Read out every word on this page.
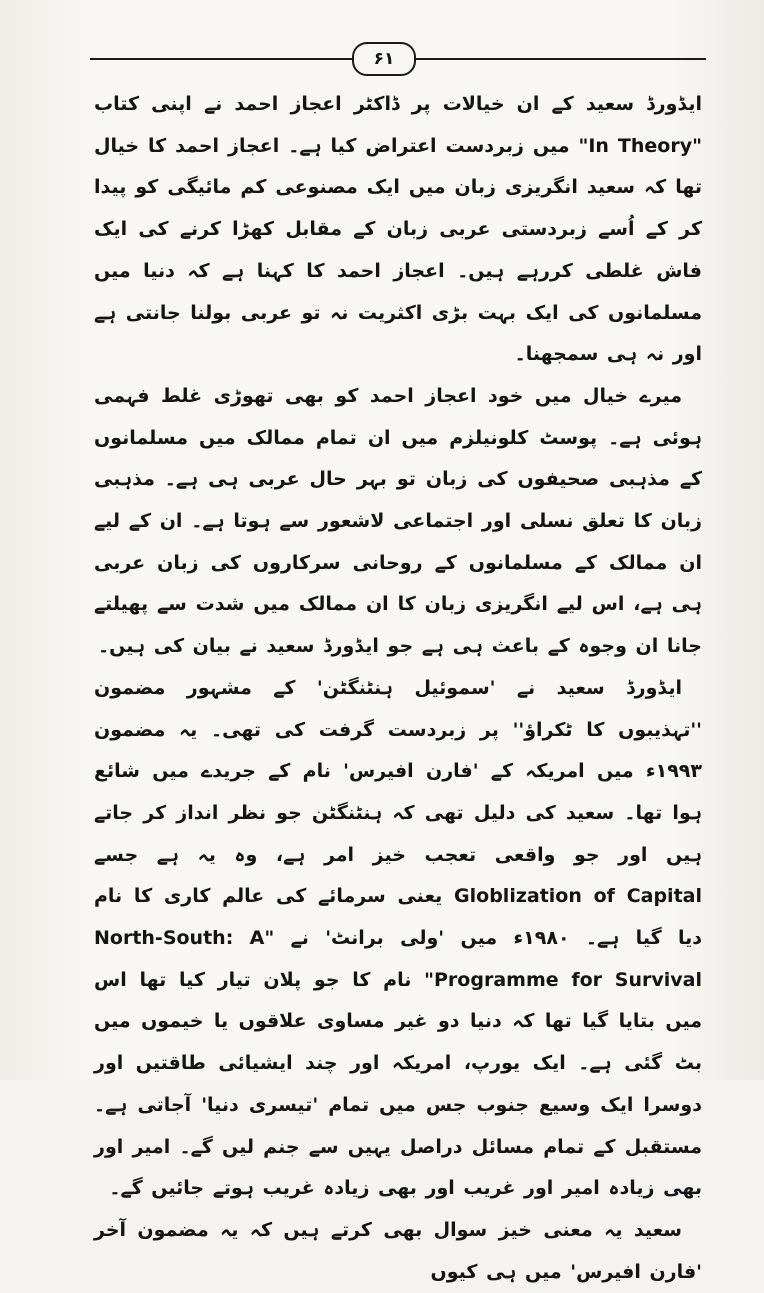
۶۱

ایڈورڈ سعید کے ان خیالات پر ڈاکٹر اعجاز احمد نے اپنی کتاب "In Theory" میں زبردست اعتراض کیا ہے۔ اعجاز احمد کا خیال تھا کہ سعید انگریزی زبان میں ایک مصنوعی کم مائیگی کو پیدا کر کے اُسے زبردستی عربی زبان کے مقابل کھڑا کرنے کی ایک فاش غلطی کررہے ہیں۔ اعجاز احمد کا کہنا ہے کہ دنیا میں مسلمانوں کی ایک بہت بڑی اکثریت نہ تو عربی بولنا جانتی ہے اور نہ ہی سمجھنا۔

میرے خیال میں خود اعجاز احمد کو بھی تھوڑی غلط فہمی ہوئی ہے۔ پوسٹ کلونیلزم میں ان تمام ممالک میں مسلمانوں کے مذہبی صحیفوں کی زبان تو بہر حال عربی ہی ہے۔ مذہبی زبان کا تعلق نسلی اور اجتماعی لاشعور سے ہوتا ہے۔ ان کے لیے ان ممالک کے مسلمانوں کے روحانی سرکاروں کی زبان عربی ہی ہے، اس لیے انگریزی زبان کا ان ممالک میں شدت سے پھیلتے جانا ان وجوہ کے باعث ہی ہے جو ایڈورڈ سعید نے بیان کی ہیں۔

ایڈورڈ سعید نے 'سموئیل ہنٹنگٹن' کے مشہور مضمون ''تہذیبوں کا ٹکراؤ'' پر زبردست گرفت کی تھی۔ یہ مضمون ۱۹۹۳ء میں امریکہ کے 'فارن افیرس' نام کے جریدے میں شائع ہوا تھا۔ سعید کی دلیل تھی کہ ہنٹنگٹن جو نظر انداز کر جاتے ہیں اور جو واقعی تعجب خیز امر ہے، وہ یہ ہے جسے Globlization of Capital یعنی سرمائے کی عالم کاری کا نام دیا گیا ہے۔ ۱۹۸۰ء میں 'ولی برانٹ' نے "North-South: A Programme for Survival" نام کا جو پلان تیار کیا تھا اس میں بتایا گیا تھا کہ دنیا دو غیر مساوی علاقوں یا خیموں میں بٹ گئی ہے۔ ایک یورپ، امریکہ اور چند ایشیائی طاقتیں اور دوسرا ایک وسیع جنوب جس میں تمام 'تیسری دنیا' آجاتی ہے۔ مستقبل کے تمام مسائل دراصل یہیں سے جنم لیں گے۔ امیر اور بھی زیادہ امیر اور غریب اور بھی زیادہ غریب ہوتے جائیں گے۔

سعید یہ معنی خیز سوال بھی کرتے ہیں کہ یہ مضمون آخر 'فارن افیرس' میں ہی کیوں
